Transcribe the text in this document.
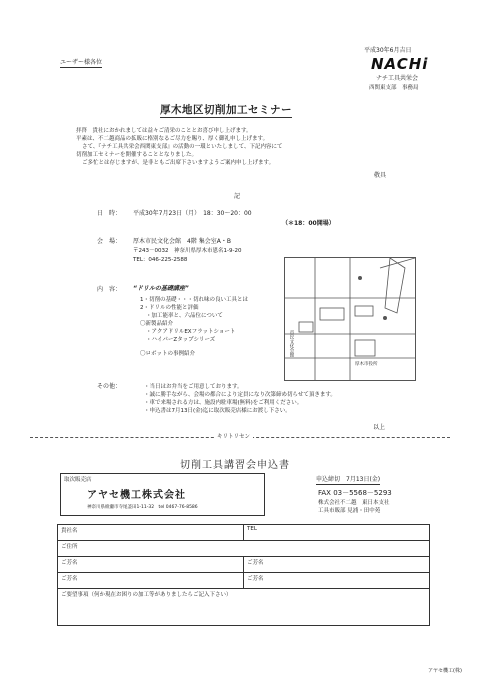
平成30年6月吉日
ユーザー様各位	NACHi
ナチ工具共栄会
西関東支部　事務局
厚木地区切削加工セミナー
拝啓　貴社におかれましては益々ご清栄のこととお喜び申し上げます。
平素は、不二越商品の拡販に格別なるご尽力を賜り、厚く御礼申し上げます。
さて、『ナチ工具共栄会西関東支部』の活動の一環といたしまして、下記内容にて
切削加工セミナーを開催することとなりました。
ご多忙とは存じますが、是非ともご出席下さいますようご案内申し上げます。
敬具
記
日　時： 平成30年7月23日（月）　18：30～20：00
（＊18：00開場）
会　場： 厚木市民文化会館　4階 集会室A・B
〒243－0032　神奈川県厚木市恩名1-9-20
TEL：046-225-2588
内　容： “ドリルの基礎講座”
1・切削の基礎・・・切れ味の良い工具とは
2・ドリルの性能と評価
・加工能率と、六品位について
〇新製品紹介
・アクアドリルEXフラットショート
・ハイパーZタップシリーズ
〇ロボットの事例紹介	市民文化会館
厚木市役所
その他：	・当日はお弁当をご用意しております。
・誠に勝手ながら、会場の都合により定員になり次第締め切らせて頂きます。
・車で来場される方は、施設内駐車場(無料)をご利用ください。
・申込書は7月13日(金)迄に取次販売店様にお渡し下さい。
以上
キリトリセン
切削工具講習会申込書
取次販売店
アヤセ機工株式会社
神奈川県綾瀬市寺尾釜田1-11-32　tel 0467-76-8586
申込締切　7月13日(金)
FAX 03－5568－5293
株式会社不二越　東日本支社
工具市販部 見浦・田中苑
貴社名	TEL
ご住所	
ご芳名	ご芳名
ご芳名	ご芳名
ご要望事項（何か現在お困りの加工等がありましたらご記入下さい）	
アヤセ機工(株)
